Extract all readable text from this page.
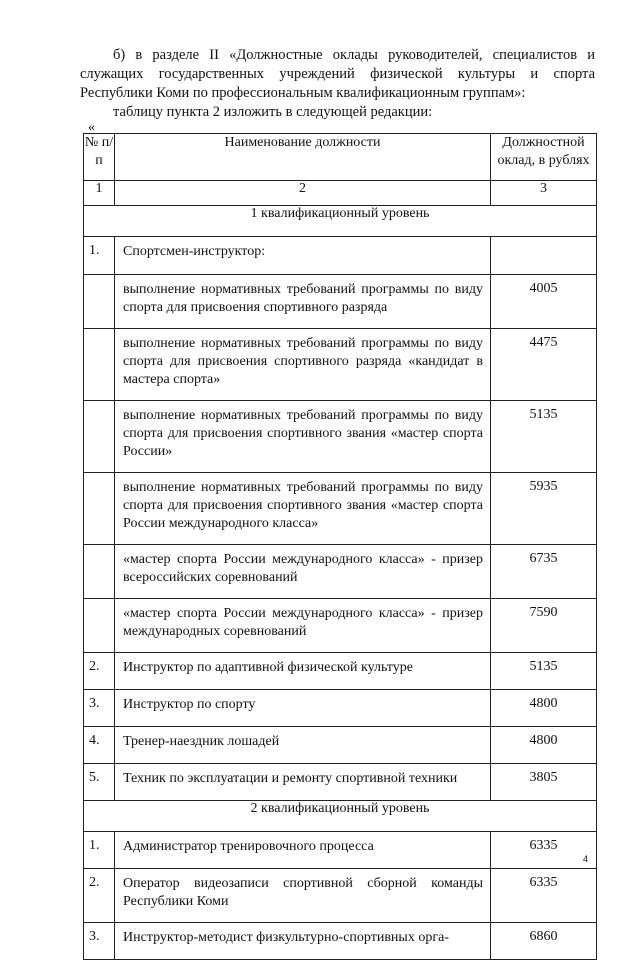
б) в разделе II «Должностные оклады руководителей, специалистов и служащих государственных учреждений физической культуры и спорта Республики Коми по профессиональным квалификационным группам»:

таблицу пункта 2 изложить в следующей редакции:

«
№ п/п	Наименование должности	Должностной оклад, в рублях
1	2	3
1 квалификационный уровень		
1.	Спортсмен-инструктор:	
	выполнение нормативных требований программы по виду спорта для присвоения спортивного разряда	4005
	выполнение нормативных требований программы по виду спорта для присвоения спортивного разряда «кандидат в мастера спорта»	4475
	выполнение нормативных требований программы по виду спорта для присвоения спортивного звания «мастер спорта России»	5135
	выполнение нормативных требований программы по виду спорта для присвоения спортивного звания «мастер спорта России международного класса»	5935
	«мастер спорта России международного класса» - призер всероссийских соревнований	6735
	«мастер спорта России международного класса» - призер международных соревнований	7590
2.	Инструктор по адаптивной физической культуре	5135
3.	Инструктор по спорту	4800
4.	Тренер-наездник лошадей	4800
5.	Техник по эксплуатации и ремонту спортивной техники	3805
2 квалификационный уровень		
1.	Администратор тренировочного процесса	6335
2.	Оператор видеозаписи спортивной сборной команды Республики Коми	6335
3.	Инструктор-методист физкультурно-спортивных орга-	6860
4
